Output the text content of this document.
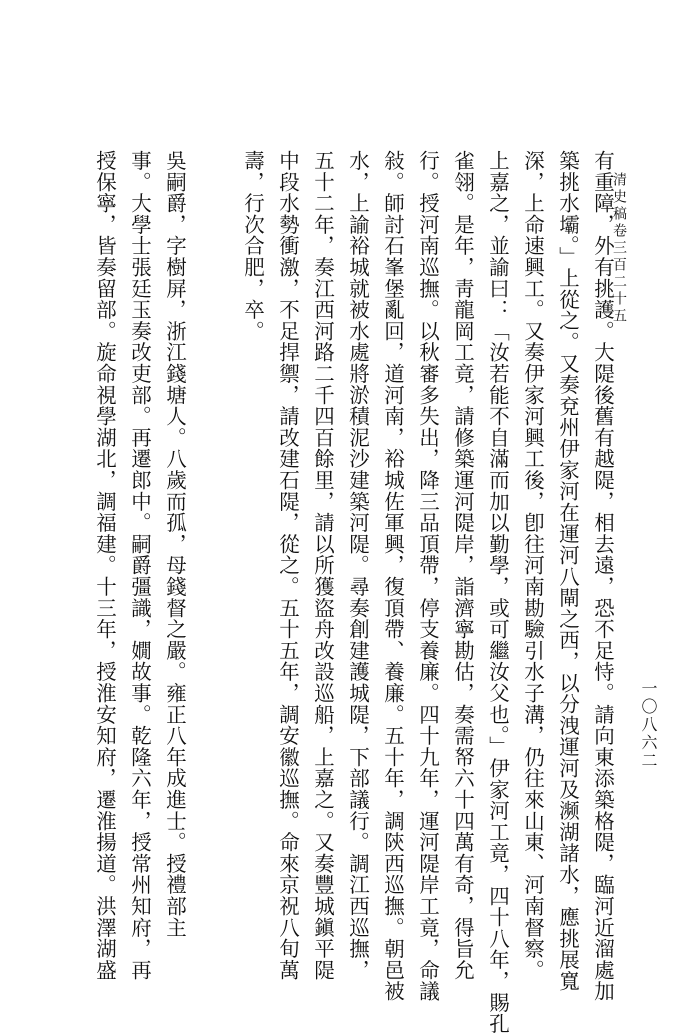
清史稿卷三百二十五
一〇八六二
有重障，外有挑護。大隄後舊有越隄，相去遠，恐不足恃。請向東添築格隄，臨河近溜處加
築挑水壩。」上從之。又奏兗州伊家河在運河八閘之西，以分洩運河及濒湖諸水，應挑展寬
深，上命速興工。又奏伊家河興工後，卽往河南勘驗引水子溝，仍往來山東、河南督察。
上嘉之，並諭曰：「汝若能不自滿而加以勤學，或可繼汝父也。」伊家河工竟，四十八年，賜孔
雀翎。是年，靑龍岡工竟，請修築運河隄岸，詣濟寧勘估，奏需帑六十四萬有奇，得旨允
行。授河南巡撫。以秋審多失出，降三品頂帶，停支養廉。四十九年，運河隄岸工竟，命議
敍。師討石峯堡亂回，道河南，裕城佐軍興，復頂帶、養廉。五十年，調陝西巡撫。朝邑被
水，上諭裕城就被水處將淤積泥沙建築河隄。尋奏創建護城隄，下部議行。調江西巡撫，
五十二年，奏江西河路二千四百餘里，請以所獲盜舟改設巡船，上嘉之。又奏豐城鎭平隄
中段水勢衝激，不足捍禦，請改建石隄，從之。五十五年，調安徽巡撫。命來京祝八旬萬
壽，行次合肥，卒。
吳嗣爵，字樹屏，浙江錢塘人。八歲而孤，母錢督之嚴。雍正八年成進士。授禮部主
事。大學士張廷玉奏改吏部。再遷郎中。嗣爵彊識，嫺故事。乾隆六年，授常州知府，再
授保寧，皆奏留部。旋命視學湖北，調福建。十三年，授淮安知府，遷淮揚道。洪澤湖盛
